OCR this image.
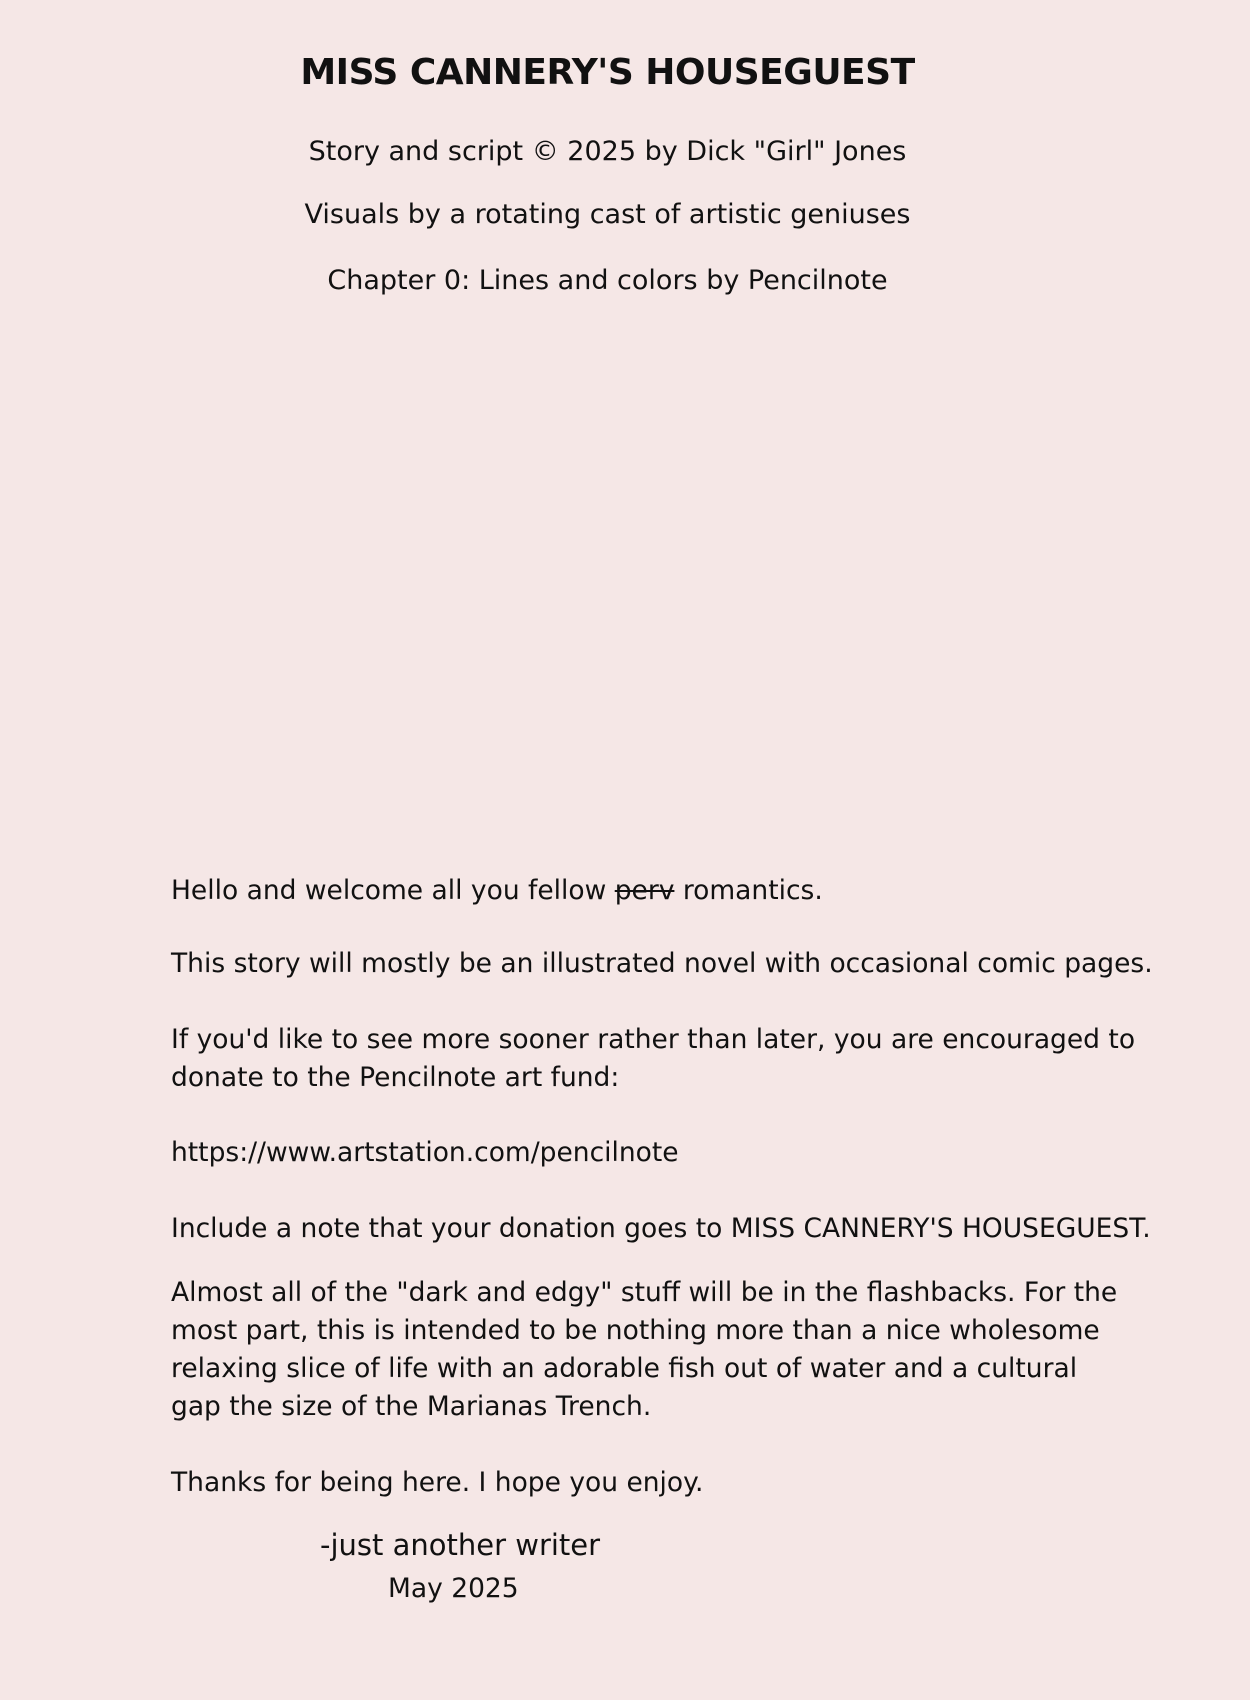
MISS CANNERY'S HOUSEGUEST
Story and script © 2025 by Dick "Girl" Jones
Visuals by a rotating cast of artistic geniuses
Chapter 0: Lines and colors by Pencilnote
Hello and welcome all you fellow perv romantics.
This story will mostly be an illustrated novel with occasional comic pages.
If you'd like to see more sooner rather than later, you are encouraged to
donate to the Pencilnote art fund:
https://www.artstation.com/pencilnote
Include a note that your donation goes to MISS CANNERY'S HOUSEGUEST.
Almost all of the "dark and edgy" stuff will be in the flashbacks. For the
most part, this is intended to be nothing more than a nice wholesome
relaxing slice of life with an adorable fish out of water and a cultural
gap the size of the Marianas Trench.
Thanks for being here. I hope you enjoy.
-just another writer
May 2025
